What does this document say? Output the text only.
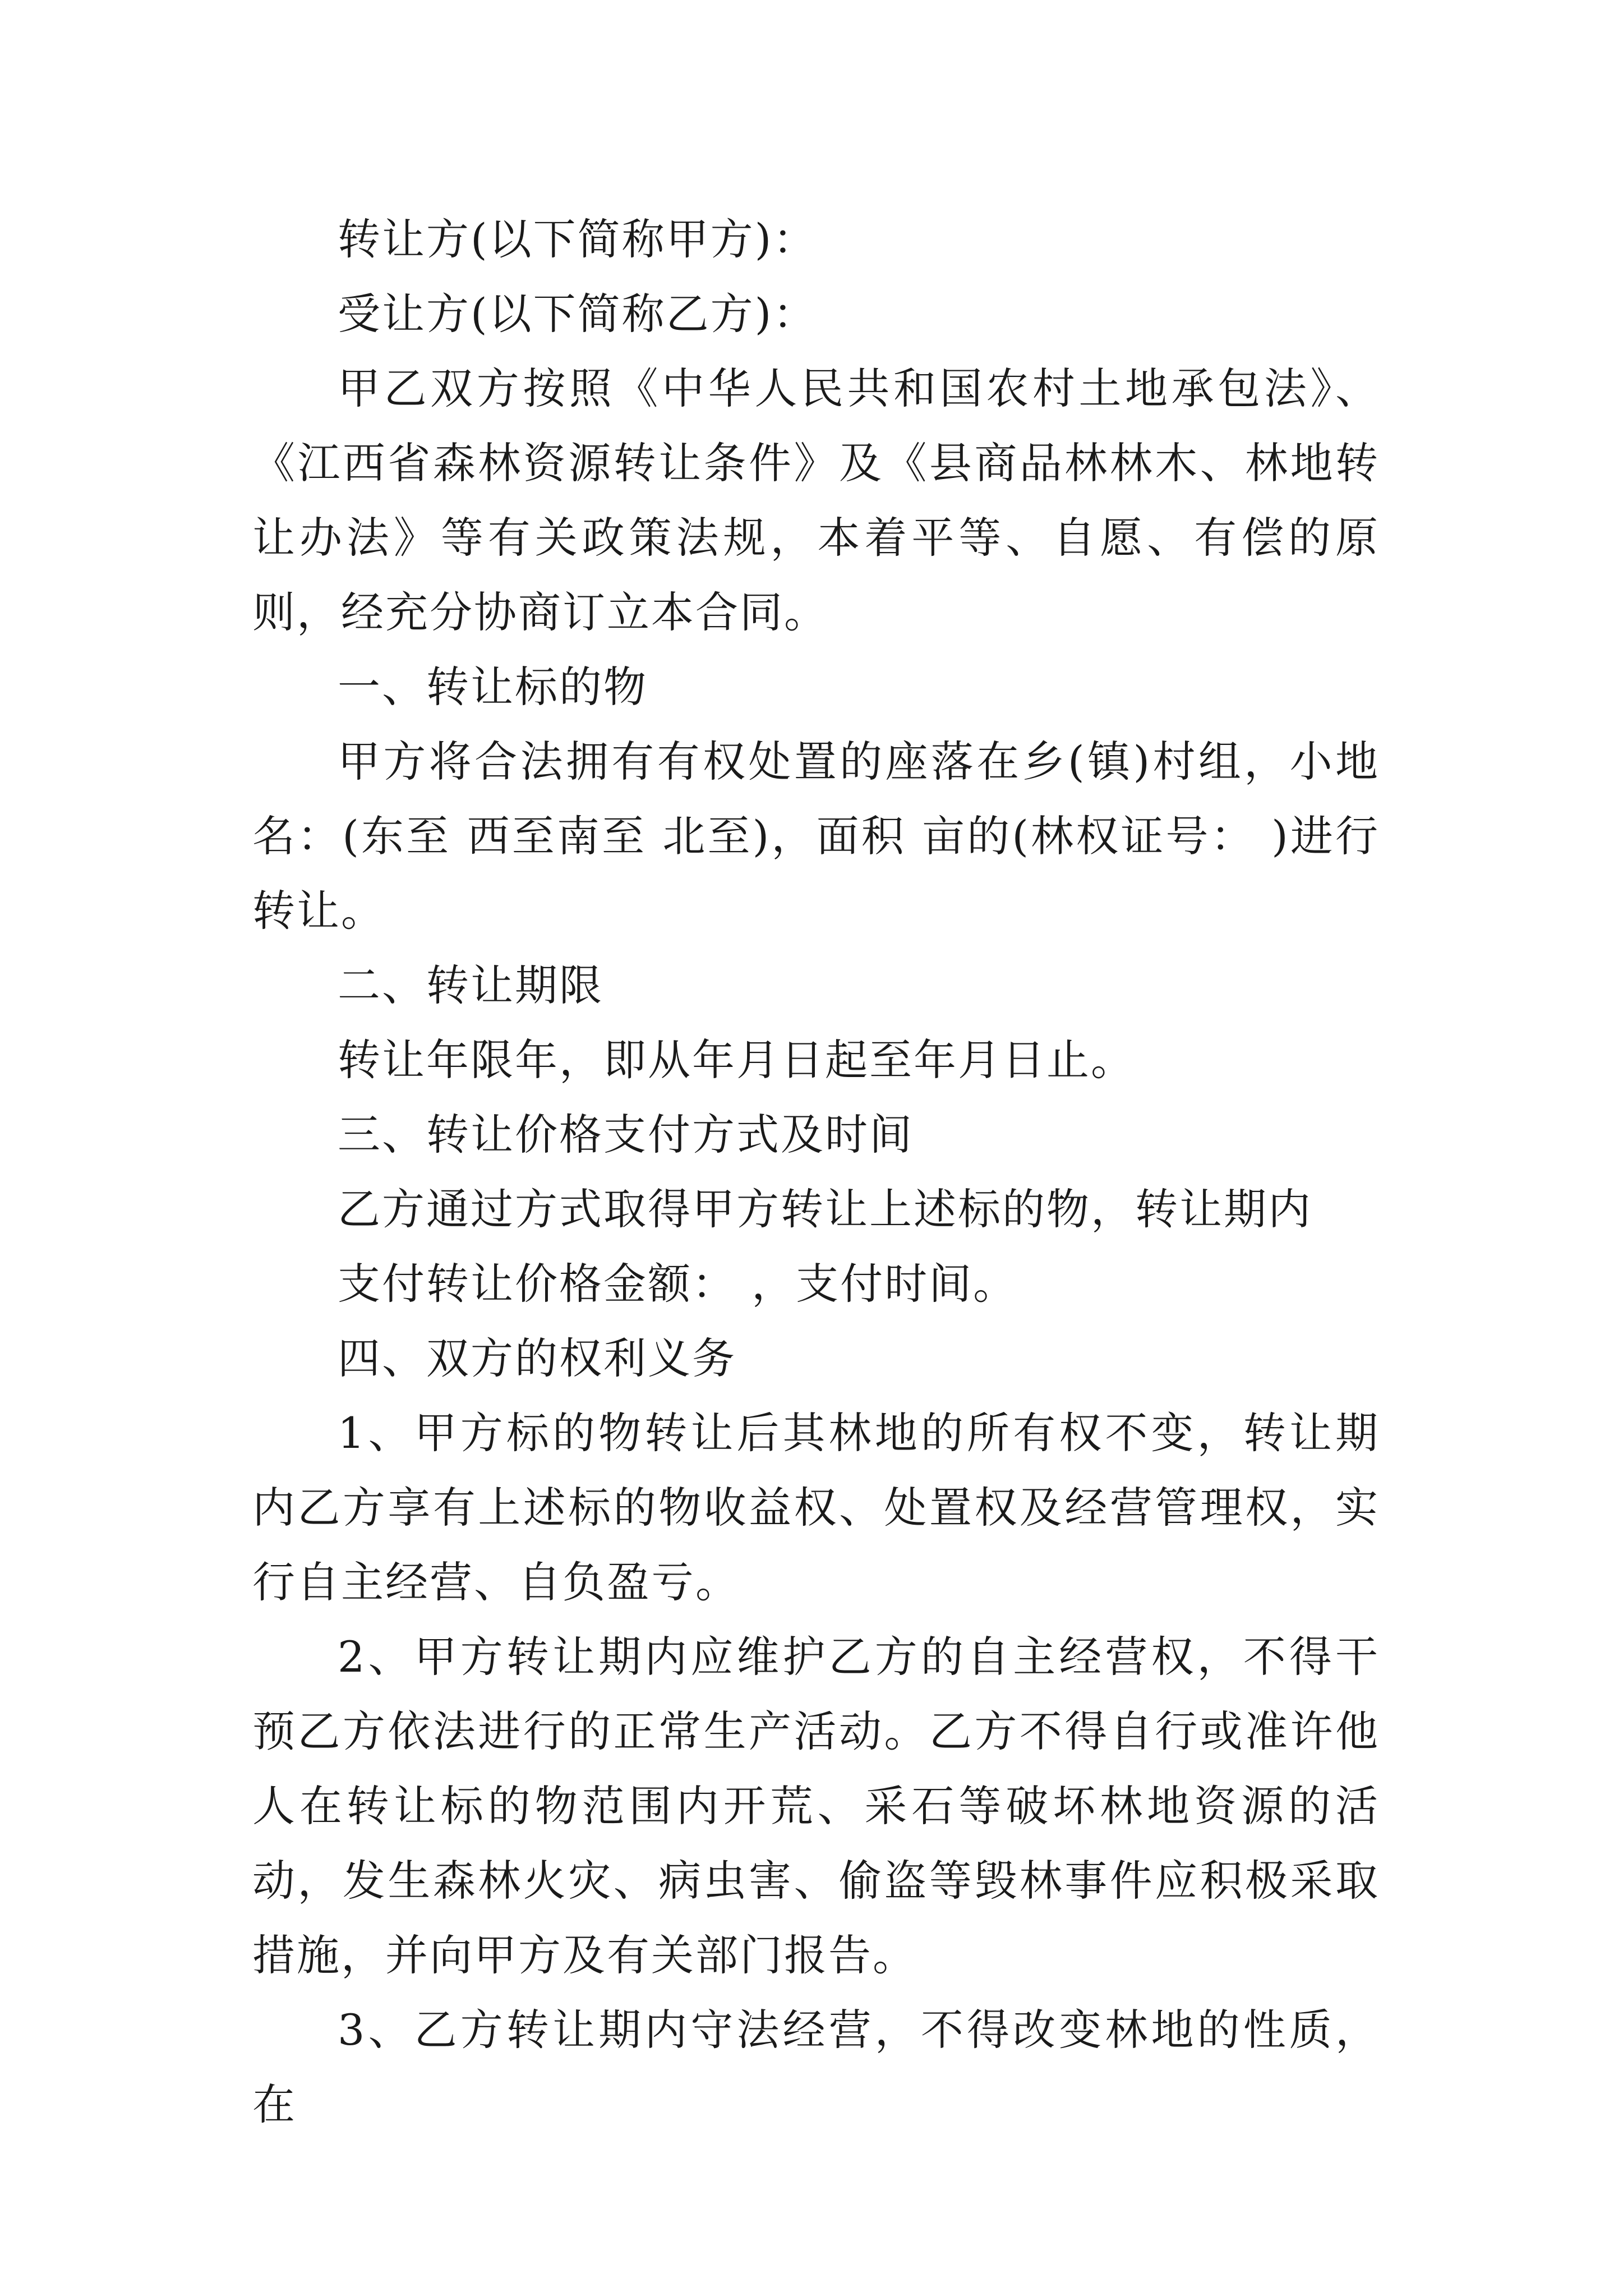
转让方(以下简称甲方)：

受让方(以下简称乙方)：

甲乙双方按照《中华人民共和国农村土地承包法》、《江西省森林资源转让条件》及《县商品林林木、林地转让办法》等有关政策法规，本着平等、自愿、有偿的原则，经充分协商订立本合同。

一、转让标的物

甲方将合法拥有有权处置的座落在乡(镇)村组，小地名：(东至 西至南至 北至)，面积 亩的(林权证号： )进行转让。

二、转让期限

转让年限年，即从年月日起至年月日止。

三、转让价格支付方式及时间

乙方通过方式取得甲方转让上述标的物，转让期内

支付转让价格金额： ，支付时间。

四、双方的权利义务

1、甲方标的物转让后其林地的所有权不变，转让期内乙方享有上述标的物收益权、处置权及经营管理权，实行自主经营、自负盈亏。

2、甲方转让期内应维护乙方的自主经营权，不得干预乙方依法进行的正常生产活动。乙方不得自行或准许他人在转让标的物范围内开荒、采石等破坏林地资源的活动，发生森林火灾、病虫害、偷盗等毁林事件应积极采取措施，并向甲方及有关部门报告。

3、乙方转让期内守法经营，不得改变林地的性质，在
